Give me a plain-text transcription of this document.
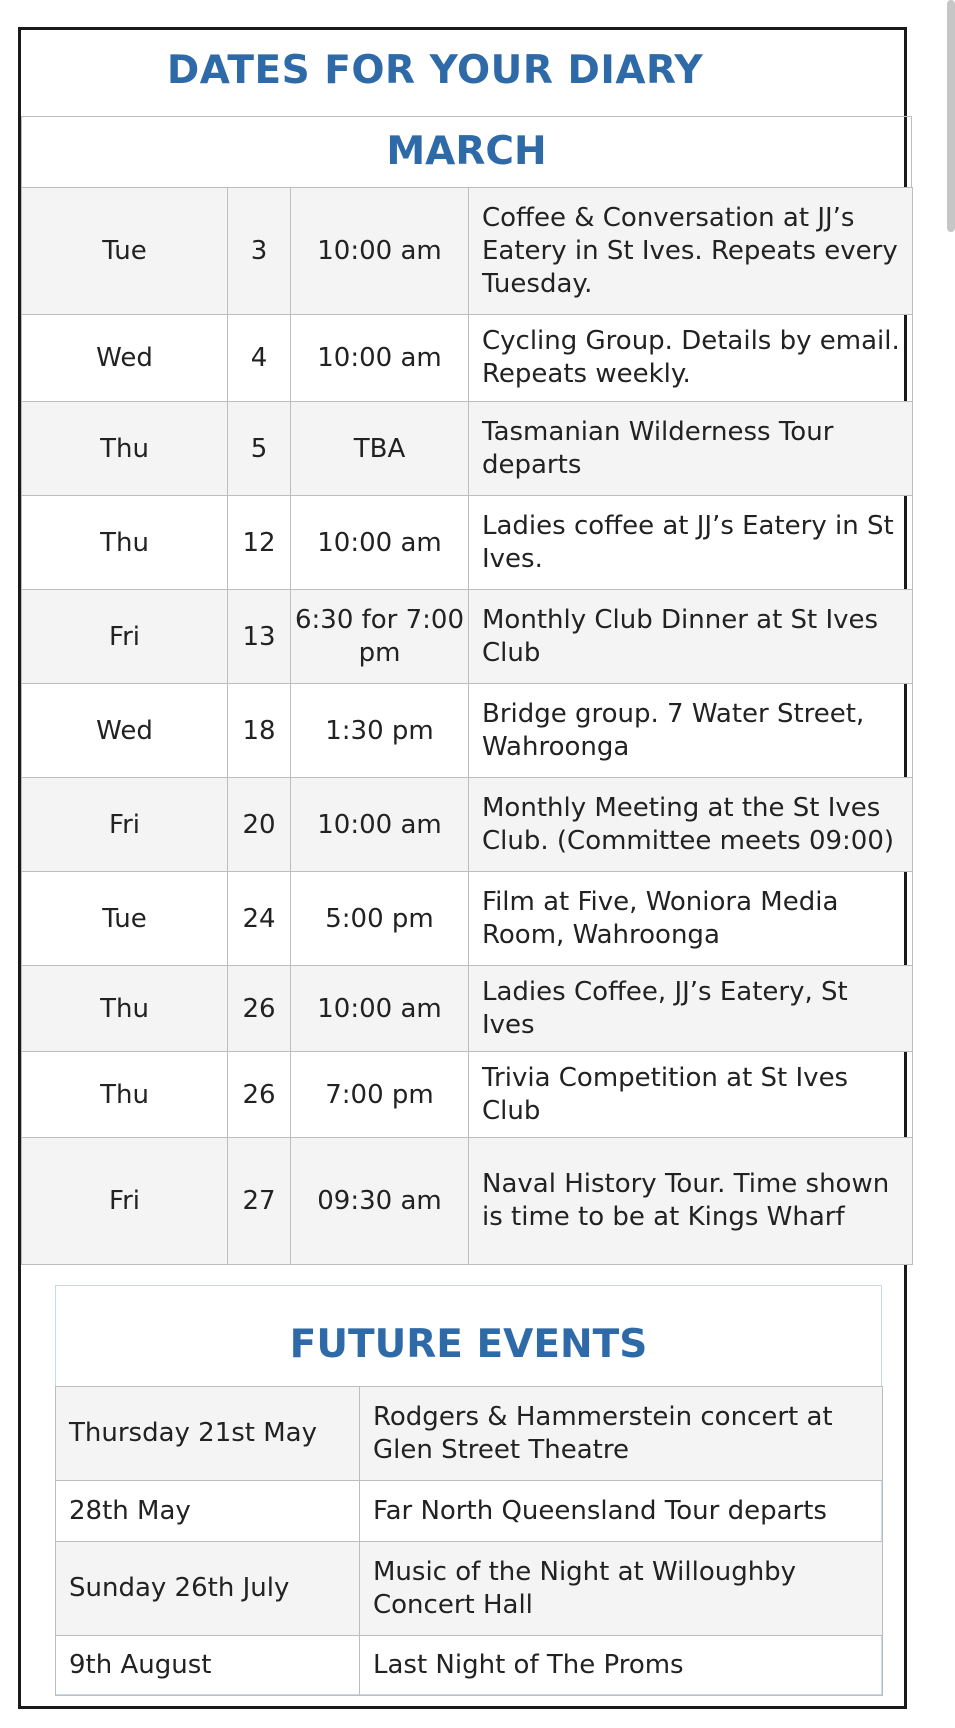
DATES FOR YOUR DIARY
MARCH
Tue	3	10:00 am	Coffee & Conversation at JJ’s Eatery in St Ives. Repeats every Tuesday.
Wed	4	10:00 am	Cycling Group. Details by email. Repeats weekly.
Thu	5	TBA	Tasmanian Wilderness Tour departs
Thu	12	10:00 am	Ladies coffee at JJ’s Eatery in St Ives.
Fri	13	6:30 for 7:00 pm	Monthly Club Dinner at St Ives Club
Wed	18	1:30 pm	Bridge group. 7 Water Street, Wahroonga
Fri	20	10:00 am	Monthly Meeting at the St Ives Club. (Committee meets 09:00)
Tue	24	5:00 pm	Film at Five, Woniora Media Room, Wahroonga
Thu	26	10:00 am	Ladies Coffee, JJ’s Eatery, St Ives
Thu	26	7:00 pm	Trivia Competition at St Ives Club
Fri	27	09:30 am	Naval History Tour. Time shown is time to be at Kings Wharf
FUTURE EVENTS
Thursday 21st May	Rodgers & Hammerstein concert at Glen Street Theatre
28th May	Far North Queensland Tour departs
Sunday 26th July	Music of the Night at Willoughby Concert Hall
9th August	Last Night of The Proms
